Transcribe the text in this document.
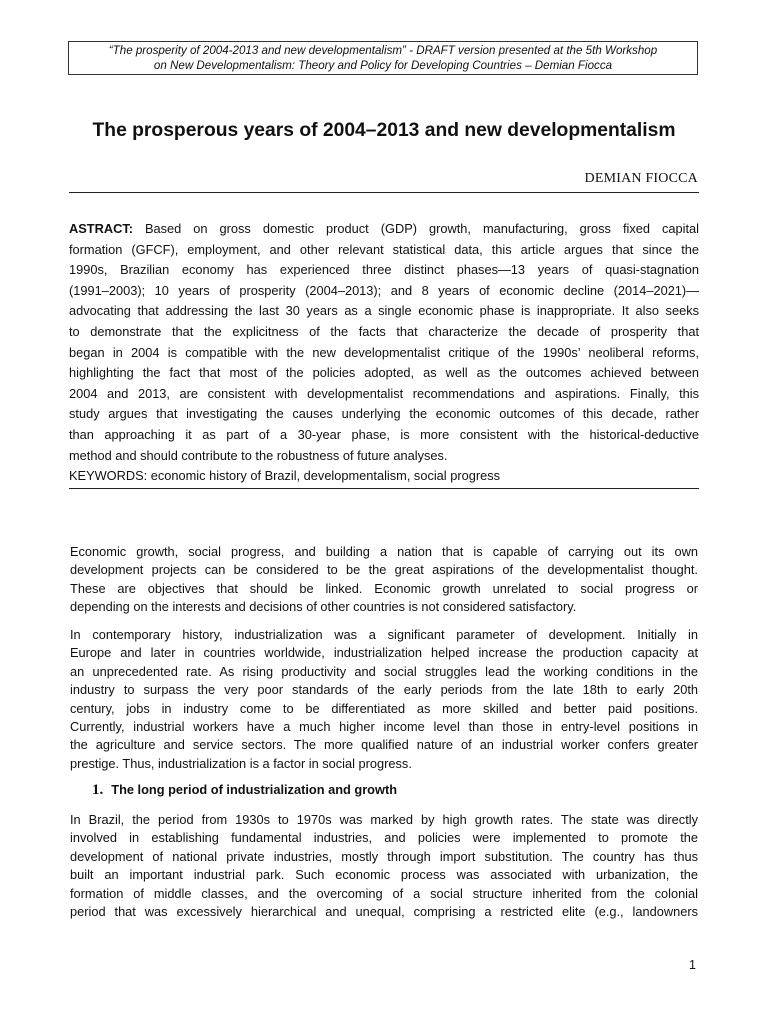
“The prosperity of 2004-2013 and new developmentalism” - DRAFT version presented at the 5th Workshop
on New Developmentalism: Theory and Policy for Developing Countries – Demian Fiocca
The prosperous years of 2004–2013 and new developmentalism
DEMIAN FIOCCA
ASTRACT: Based on gross domestic product (GDP) growth, manufacturing, gross fixed capital
formation (GFCF), employment, and other relevant statistical data, this article argues that since the
1990s, Brazilian economy has experienced three distinct phases—13 years of quasi-stagnation
(1991–2003); 10 years of prosperity (2004–2013); and 8 years of economic decline (2014–2021)—
advocating that addressing the last 30 years as a single economic phase is inappropriate. It also seeks
to demonstrate that the explicitness of the facts that characterize the decade of prosperity that
began in 2004 is compatible with the new developmentalist critique of the 1990s’ neoliberal reforms,
highlighting the fact that most of the policies adopted, as well as the outcomes achieved between
2004 and 2013, are consistent with developmentalist recommendations and aspirations. Finally, this
study argues that investigating the causes underlying the economic outcomes of this decade, rather
than approaching it as part of a 30-year phase, is more consistent with the historical-deductive
method and should contribute to the robustness of future analyses.
KEYWORDS: economic history of Brazil, developmentalism, social progress
Economic growth, social progress, and building a nation that is capable of carrying out its own
development projects can be considered to be the great aspirations of the developmentalist thought.
These are objectives that should be linked. Economic growth unrelated to social progress or
depending on the interests and decisions of other countries is not considered satisfactory.
In contemporary history, industrialization was a significant parameter of development. Initially in
Europe and later in countries worldwide, industrialization helped increase the production capacity at
an unprecedented rate. As rising productivity and social struggles lead the working conditions in the
industry to surpass the very poor standards of the early periods from the late 18th to early 20th
century, jobs in industry come to be differentiated as more skilled and better paid positions.
Currently, industrial workers have a much higher income level than those in entry-level positions in
the agriculture and service sectors. The more qualified nature of an industrial worker confers greater
prestige. Thus, industrialization is a factor in social progress.
1. The long period of industrialization and growth
In Brazil, the period from 1930s to 1970s was marked by high growth rates. The state was directly
involved in establishing fundamental industries, and policies were implemented to promote the
development of national private industries, mostly through import substitution. The country has thus
built an important industrial park. Such economic process was associated with urbanization, the
formation of middle classes, and the overcoming of a social structure inherited from the colonial
period that was excessively hierarchical and unequal, comprising a restricted elite (e.g., landowners
1
